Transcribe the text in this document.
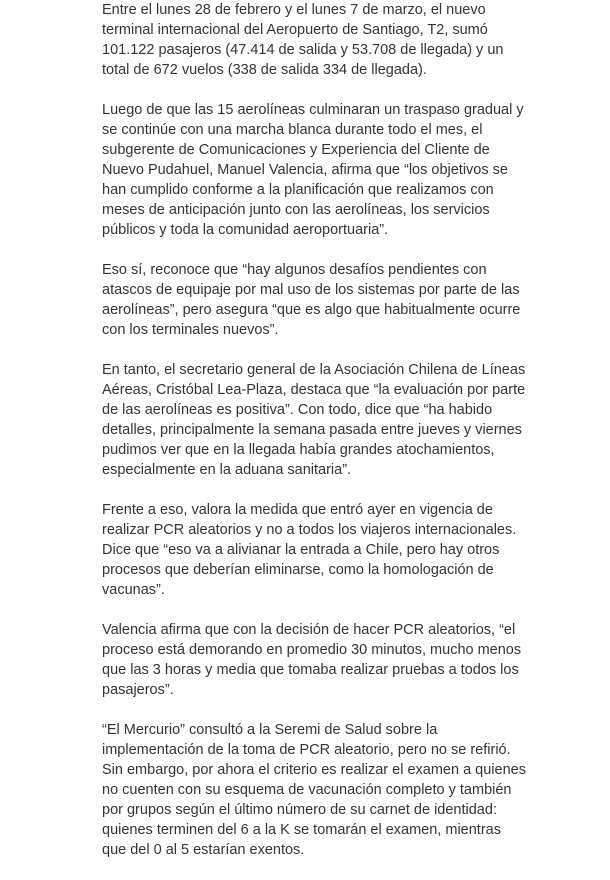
Entre el lunes 28 de febrero y el lunes 7 de marzo, el nuevo
terminal internacional del Aeropuerto de Santiago, T2, sumó
101.122 pasajeros (47.414 de salida y 53.708 de llegada) y un
total de 672 vuelos (338 de salida 334 de llegada).

Luego de que las 15 aerolíneas culminaran un traspaso gradual y
se continúe con una marcha blanca durante todo el mes, el
subgerente de Comunicaciones y Experiencia del Cliente de
Nuevo Pudahuel, Manuel Valencia, afirma que “los objetivos se
han cumplido conforme a la planificación que realizamos con
meses de anticipación junto con las aerolíneas, los servicios
públicos y toda la comunidad aeroportuaria”.

Eso sí, reconoce que “hay algunos desafíos pendientes con
atascos de equipaje por mal uso de los sistemas por parte de las
aerolíneas”, pero asegura “que es algo que habitualmente ocurre
con los terminales nuevos”.

En tanto, el secretario general de la Asociación Chilena de Líneas
Aéreas, Cristóbal Lea-Plaza, destaca que “la evaluación por parte
de las aerolíneas es positiva”. Con todo, dice que “ha habido
detalles, principalmente la semana pasada entre jueves y viernes
pudimos ver que en la llegada había grandes atochamientos,
especialmente en la aduana sanitaria”.

Frente a eso, valora la medida que entró ayer en vigencia de
realizar PCR aleatorios y no a todos los viajeros internacionales.
Dice que “eso va a alivianar la entrada a Chile, pero hay otros
procesos que deberían eliminarse, como la homologación de
vacunas”.

Valencia afirma que con la decisión de hacer PCR aleatorios, “el
proceso está demorando en promedio 30 minutos, mucho menos
que las 3 horas y media que tomaba realizar pruebas a todos los
pasajeros”.

“El Mercurio” consultó a la Seremi de Salud sobre la
implementación de la toma de PCR aleatorio, pero no se refirió.
Sin embargo, por ahora el criterio es realizar el examen a quienes
no cuenten con su esquema de vacunación completo y también
por grupos según el último número de su carnet de identidad:
quienes terminen del 6 a la K se tomarán el examen, mientras
que del 0 al 5 estarían exentos.
